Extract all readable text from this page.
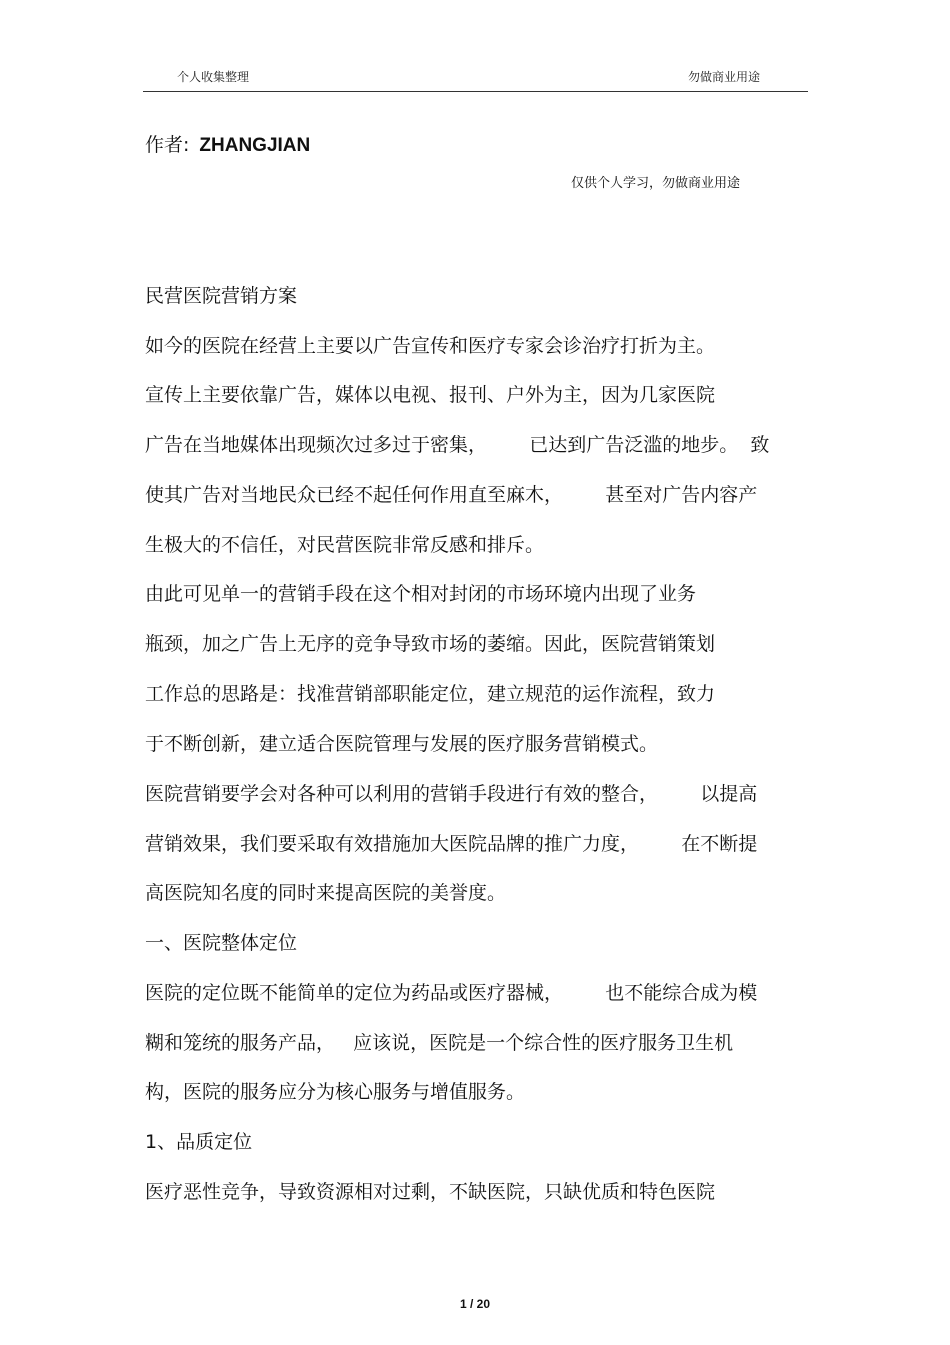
个人收集整理	勿做商业用途
作者: ZHANGJIAN
仅供个人学习，勿做商业用途
民营医院营销方案
如今的医院在经营上主要以广告宣传和医疗专家会诊治疗打折为主。
宣传上主要依靠广告，媒体以电视、报刊、户外为主，因为几家医院
广告在当地媒体出现频次过多过于密集，       已达到广告泛滥的地步。  致
使其广告对当地民众已经不起任何作用直至麻木，       甚至对广告内容产
生极大的不信任，对民营医院非常反感和排斥。
由此可见单一的营销手段在这个相对封闭的市场环境内出现了业务
瓶颈，加之广告上无序的竞争导致市场的萎缩。因此，医院营销策划
工作总的思路是：找准营销部职能定位，建立规范的运作流程，致力
于不断创新，建立适合医院管理与发展的医疗服务营销模式。
医院营销要学会对各种可以利用的营销手段进行有效的整合，       以提高
营销效果，我们要采取有效措施加大医院品牌的推广力度，       在不断提
高医院知名度的同时来提高医院的美誉度。
一、医院整体定位
医院的定位既不能简单的定位为药品或医疗器械，       也不能综合成为模
糊和笼统的服务产品，   应该说，医院是一个综合性的医疗服务卫生机
构，医院的服务应分为核心服务与增值服务。
1、品质定位
医疗恶性竞争，导致资源相对过剩，不缺医院，只缺优质和特色医院
1 / 20
